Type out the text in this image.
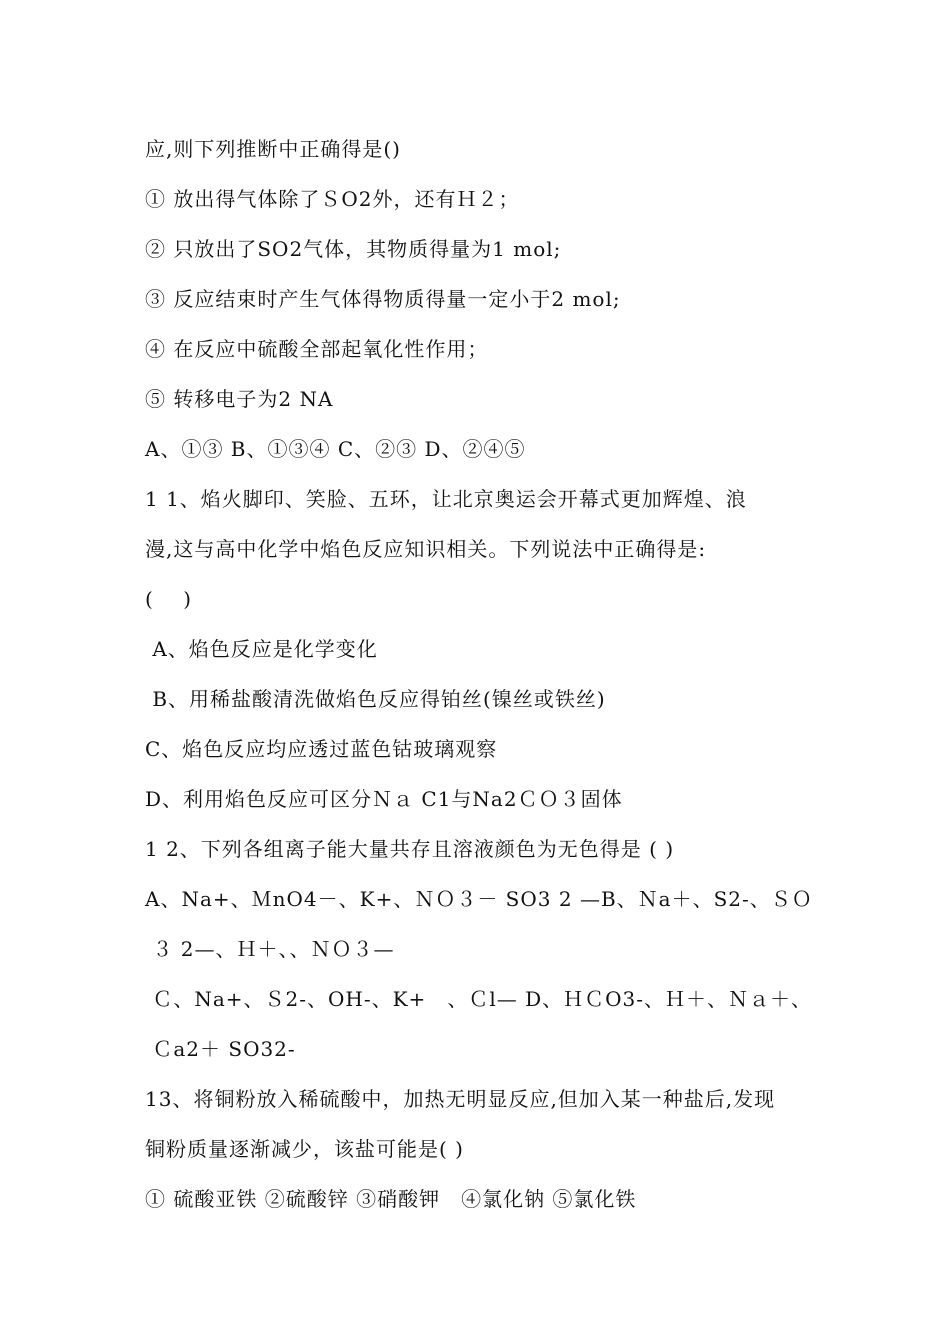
应,则下列推断中正确得是()
① 放出得气体除了ＳO2外，还有Ｈ２；
② 只放出了SO2气体，其物质得量为1 mol;
③ 反应结束时产生气体得物质得量一定小于2 mol;
④ 在反应中硫酸全部起氧化性作用；
⑤ 转移电子为2 NA
A、①③ B、①③④ C、②③ D、②④⑤
1 1、焰火脚印、笑脸、五环，让北京奥运会开幕式更加辉煌、浪
漫,这与高中化学中焰色反应知识相关。下列说法中正确得是:
(    )
A、焰色反应是化学变化
B、用稀盐酸清洗做焰色反应得铂丝(镍丝或铁丝)
C、焰色反应均应透过蓝色钴玻璃观察
D、利用焰色反应可区分Ｎａ C1与Na2ＣＯ３固体
1 2、下列各组离子能大量共存且溶液颜色为无色得是 ( )
A、Na+、ＭnO4－、K+、ＮＯ３－ SO3 2 —B、Ｎa＋、S2-、ＳＯ
３ 2—、Ｈ＋、、ＮＯ３—
Ｃ、Na+、Ｓ2-、OH-、K+　、Ｃl— D、ＨＣO3-、Ｈ＋、Ｎａ＋、
Ｃa2＋ SO32-
13、将铜粉放入稀硫酸中，加热无明显反应,但加入某一种盐后,发现
铜粉质量逐渐减少，该盐可能是( )
① 硫酸亚铁 ②硫酸锌 ③硝酸钾　④氯化钠 ⑤氯化铁
